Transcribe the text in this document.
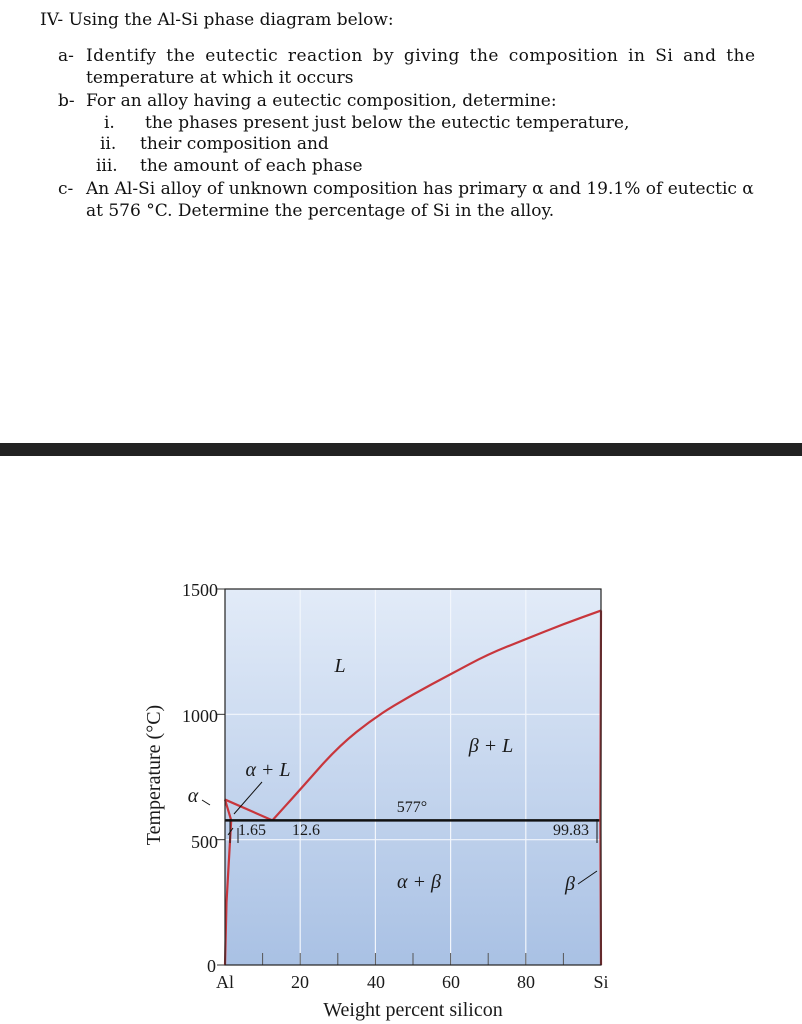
IV- Using the Al-Si phase diagram below:
a- Identify the eutectic reaction by giving the composition in Si and the
temperature at which it occurs
b- For an alloy having a eutectic composition, determine:
i. the phases present just below the eutectic temperature,
ii. their composition and
iii. the amount of each phase
c- An Al-Si alloy of unknown composition has primary α and 19.1% of eutectic α
at 576 °C. Determine the percentage of Si in the alloy.
1500
1000
500
0
Al	20	40	60	80	Si
Weight percent silicon
Temperature (°C)
L
α + L
β + L
α + β
α
β
577°
1.65 12.6	99.83
